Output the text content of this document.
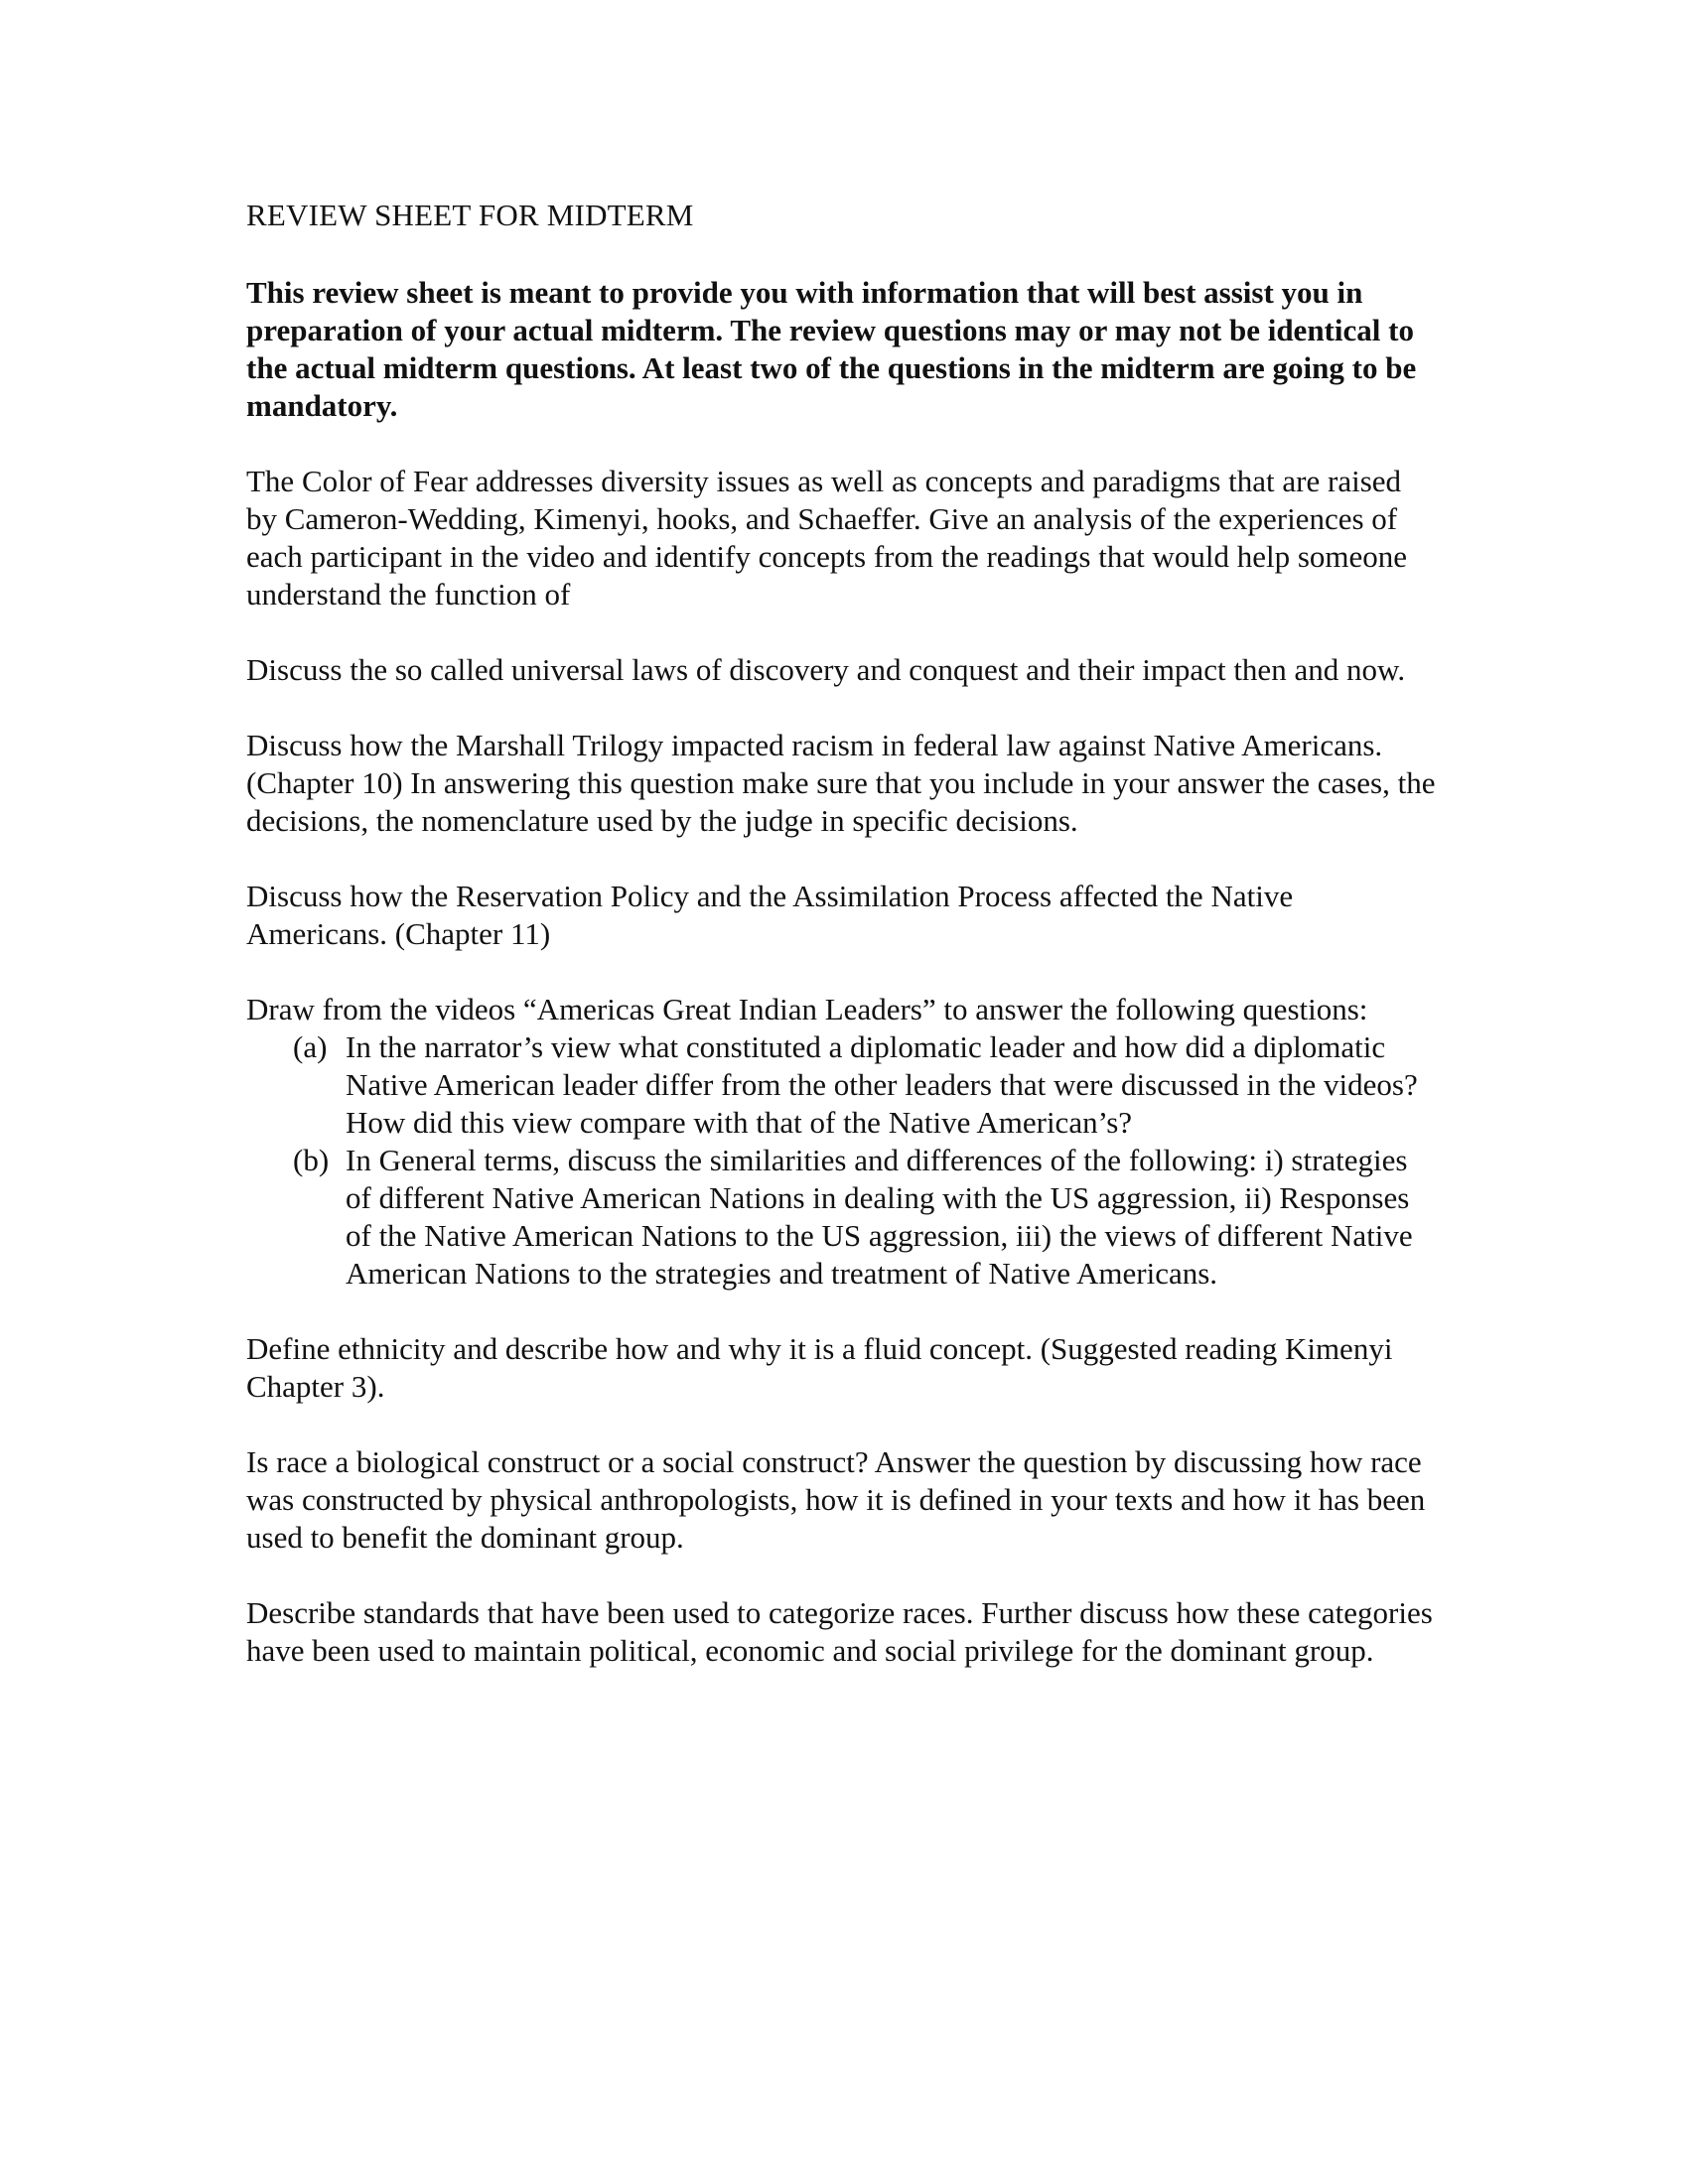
REVIEW SHEET FOR MIDTERM

This review sheet is meant to provide you with information that will best assist you in preparation of your actual midterm. The review questions may or may not be identical to the actual midterm questions. At least two of the questions in the midterm are going to be mandatory.

The Color of Fear addresses diversity issues as well as concepts and paradigms that are raised by Cameron-Wedding, Kimenyi, hooks, and Schaeffer. Give an analysis of the experiences of each participant in the video and identify concepts from the readings that would help someone understand the function of

Discuss the so called universal laws of discovery and conquest and their impact then and now.

Discuss how the Marshall Trilogy impacted racism in federal law against Native Americans. (Chapter 10) In answering this question make sure that you include in your answer the cases, the decisions, the nomenclature used by the judge in specific decisions.

Discuss how the Reservation Policy and the Assimilation Process affected the Native Americans. (Chapter 11)

Draw from the videos “Americas Great Indian Leaders” to answer the following questions:
(a) In the narrator’s view what constituted a diplomatic leader and how did a diplomatic Native American leader differ from the other leaders that were discussed in the videos? How did this view compare with that of the Native American’s?
(b) In General terms, discuss the similarities and differences of the following: i) strategies of different Native American Nations in dealing with the US aggression, ii) Responses of the Native American Nations to the US aggression, iii) the views of different Native American Nations to the strategies and treatment of Native Americans.

Define ethnicity and describe how and why it is a fluid concept. (Suggested reading Kimenyi Chapter 3).

Is race a biological construct or a social construct? Answer the question by discussing how race was constructed by physical anthropologists, how it is defined in your texts and how it has been used to benefit the dominant group.

Describe standards that have been used to categorize races. Further discuss how these categories have been used to maintain political, economic and social privilege for the dominant group.
